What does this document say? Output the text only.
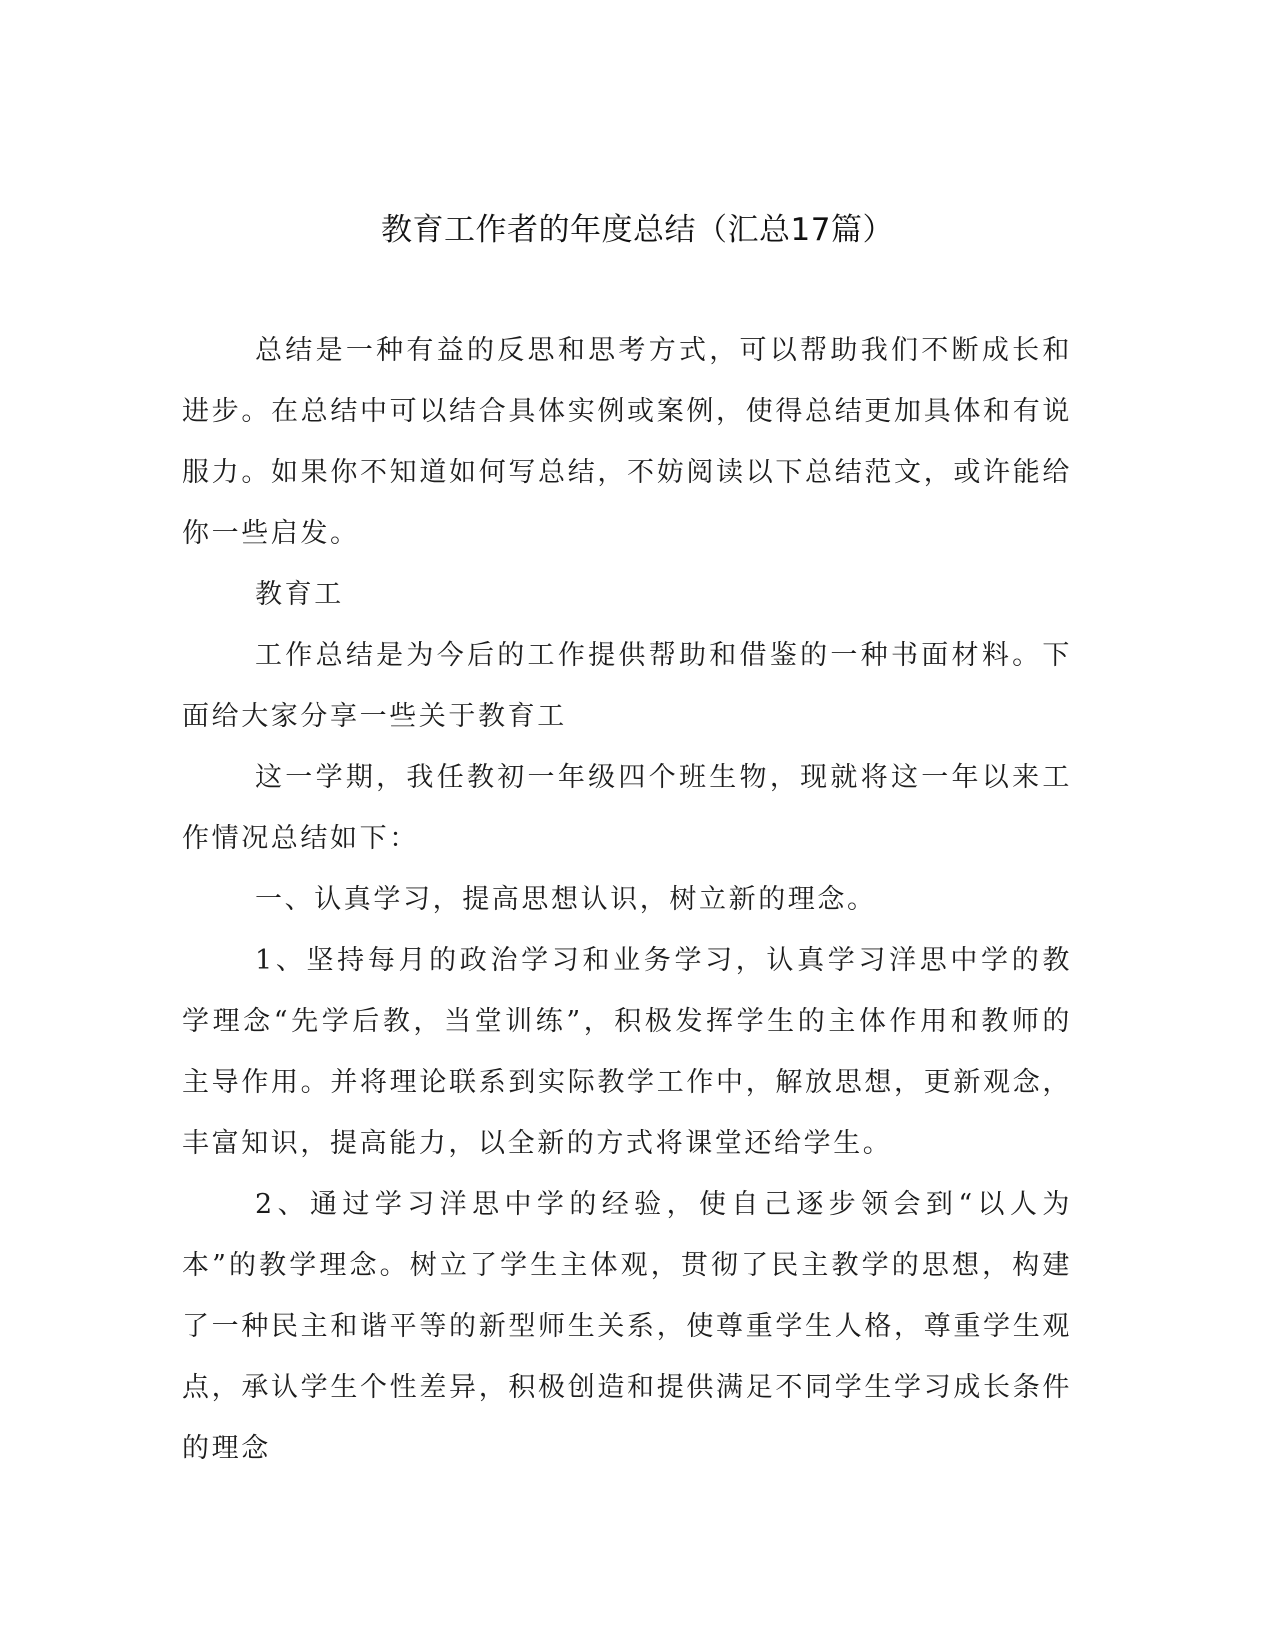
教育工作者的年度总结（汇总17篇）

总结是一种有益的反思和思考方式，可以帮助我们不断成长和进步。在总结中可以结合具体实例或案例，使得总结更加具体和有说服力。如果你不知道如何写总结，不妨阅读以下总结范文，或许能给你一些启发。

教育工

工作总结是为今后的工作提供帮助和借鉴的一种书面材料。下面给大家分享一些关于教育工

这一学期，我任教初一年级四个班生物，现就将这一年以来工作情况总结如下：

一、认真学习，提高思想认识，树立新的理念。

1、坚持每月的政治学习和业务学习，认真学习洋思中学的教学理念“先学后教，当堂训练”，积极发挥学生的主体作用和教师的主导作用。并将理论联系到实际教学工作中，解放思想，更新观念，丰富知识，提高能力，以全新的方式将课堂还给学生。

2、通过学习洋思中学的经验，使自己逐步领会到“以人为本”的教学理念。树立了学生主体观，贯彻了民主教学的思想，构建了一种民主和谐平等的新型师生关系，使尊重学生人格，尊重学生观点，承认学生个性差异，积极创造和提供满足不同学生学习成长条件的理念
